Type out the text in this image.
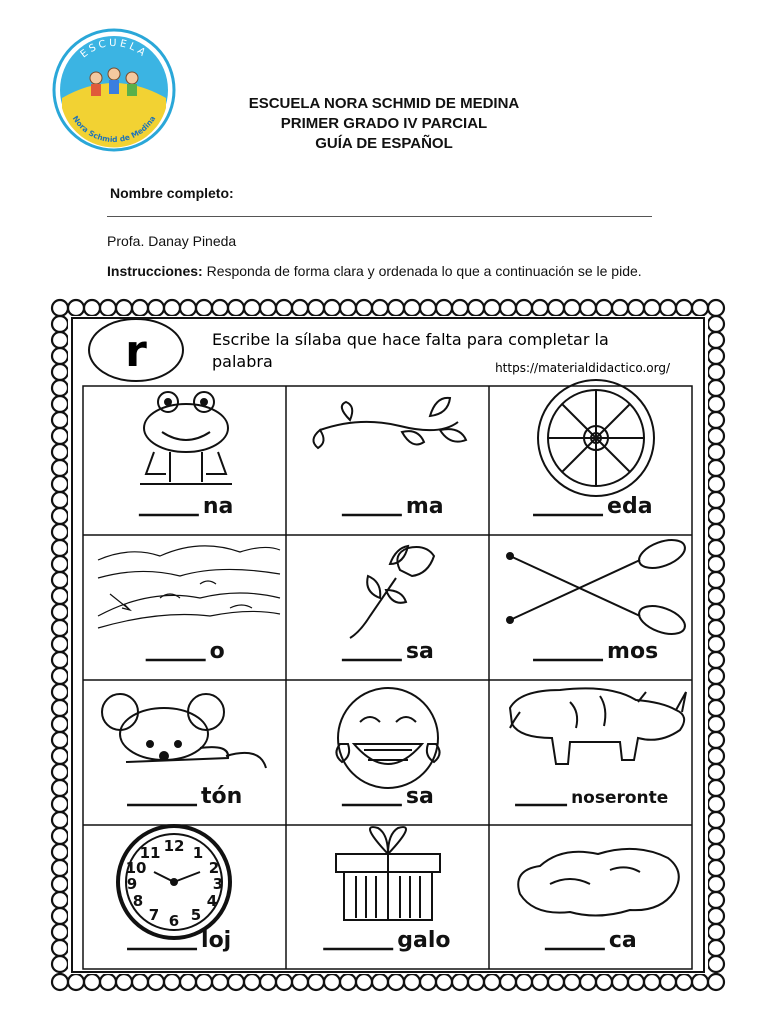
ESCUELA
Nora Schmid de Medina
ESCUELA NORA SCHMID DE MEDINA
PRIMER GRADO IV PARCIAL
GUÍA DE ESPAÑOL
Nombre completo:
Profa. Danay Pineda
Instrucciones: Responda de forma clara y ordenada lo que a continuación se le pide.
r	Escribe la sílaba que hace falta para completar la
palabra	https://materialdidactico.org/
12 1
2
3
4
5
6
7
8
9
10
11
na	ma	eda
o	sa	mos
tón	sa	noseronte
loj	galo	ca
